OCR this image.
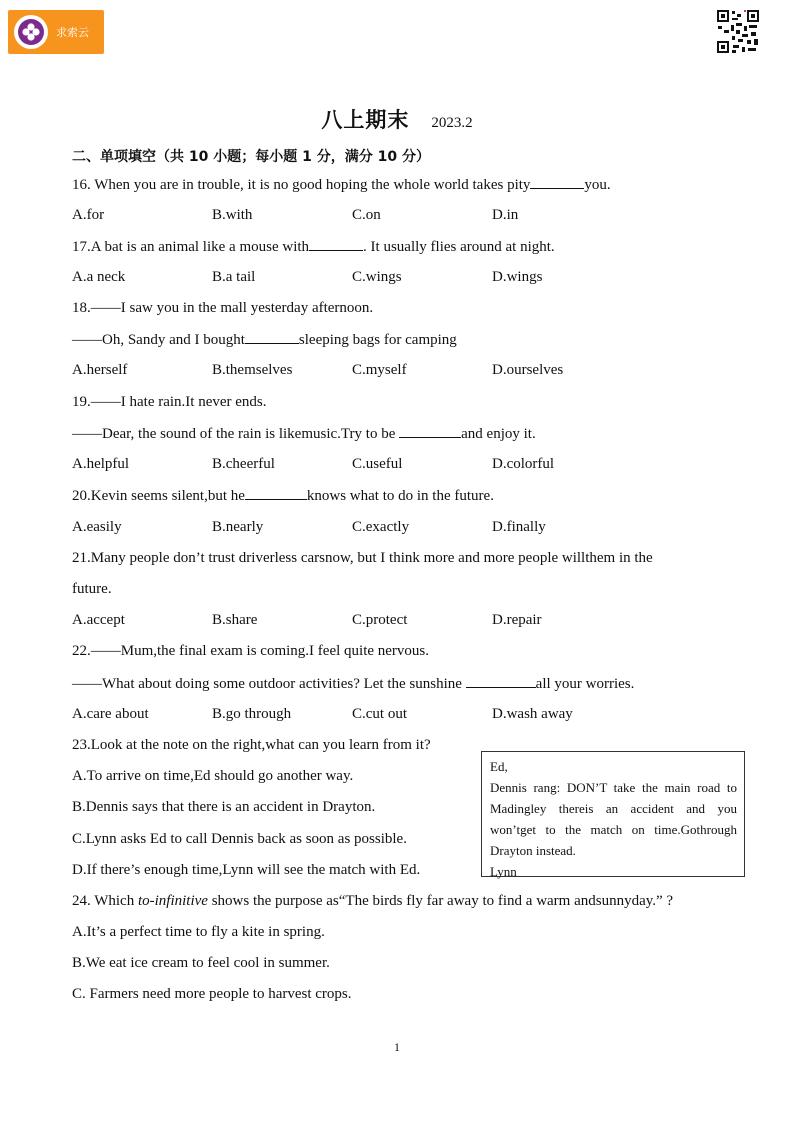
求索云
八上期末 2023.2
二、单项填空（共 10 小题；每小题 1 分，满分 10 分）
16. When you are in trouble, it is no good hoping the whole world takes pity	you.
A.for	B.with	C.on	D.in
17.A bat is an animal like a mouse with	. It usually flies around at night.
A.a neck	B.a tail	C.wings	D.wings
18.——I saw you in the mall yesterday afternoon.
——Oh, Sandy and I bought	sleeping bags for camping
A.herself	B.themselves	C.myself	D.ourselves
19.——I hate rain.It never ends.
——Dear, the sound of the rain is likemusic.Try to be	and enjoy it.
A.helpful	B.cheerful	C.useful	D.colorful
20.Kevin seems silent,but he	knows what to do in the future.
A.easily	B.nearly	C.exactly	D.finally
21.Many people don’t trust driverless carsnow, but I think more and more people willthem in the
future.
A.accept	B.share	C.protect	D.repair
22.——Mum,the final exam is coming.I feel quite nervous.
——What about doing some outdoor activities? Let the sunshine	all your worries.
A.care about	B.go through	C.cut out	D.wash away
23.Look at the note on the right,what can you learn from it?
A.To arrive on time,Ed should go another way.
B.Dennis says that there is an accident in Drayton.
C.Lynn asks Ed to call Dennis back as soon as possible.
D.If there’s enough time,Lynn will see the match with Ed.
Ed,
Dennis rang: DON’T take the main road to Madingley thereis an accident and you won’tget to the match on time.Gothrough Drayton instead.
Lynn
24. Which to-infinitive shows the purpose as“The birds fly far away to find a warm andsunnyday.” ?
A.It’s a perfect time to fly a kite in spring.
B.We eat ice cream to feel cool in summer.
C. Farmers need more people to harvest crops.
1
